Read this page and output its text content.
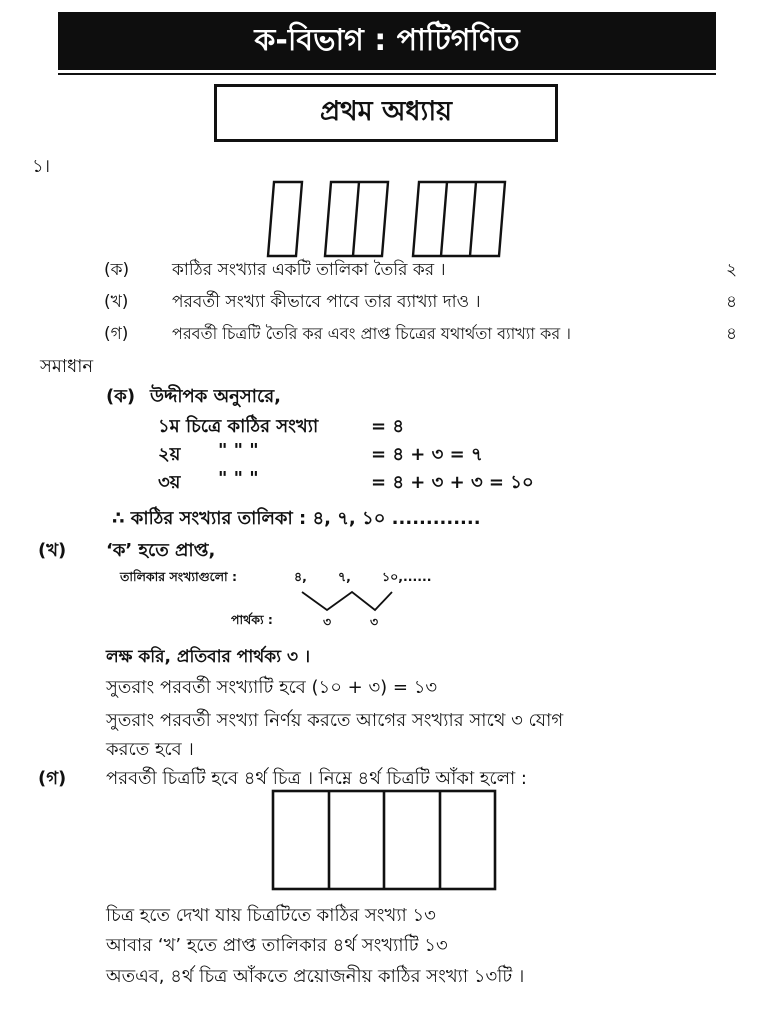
ক-বিভাগ : পাটিগণিত
প্রথম অধ্যায়
১।
(ক)	কাঠির সংখ্যার একটি তালিকা তৈরি কর ।	২
(খ)	পরবর্তী সংখ্যা কীভাবে পাবে তার ব্যাখ্যা দাও ।	৪
(গ)	পরবর্তী চিত্রটি তৈরি কর এবং প্রাপ্ত চিত্রের যথার্থতা ব্যাখ্যা কর ।	৪
সমাধান
(ক) উদ্দীপক অনুসারে,
১ম চিত্রে কাঠির সংখ্যা	= ৪
২য় " " "	= ৪ + ৩ = ৭
৩য় " " "	= ৪ + ৩ + ৩ = ১০
∴ কাঠির সংখ্যার তালিকা : ৪, ৭, ১০ .............
(খ) ‘ক’ হতে প্রাপ্ত,
তালিকার সংখ্যাগুলো :	৪, ৭, ১০,......
পার্থক্য :	৩	৩
লক্ষ করি, প্রতিবার পার্থক্য ৩ ।
সুতরাং পরবর্তী সংখ্যাটি হবে (১০ + ৩) = ১৩
সুতরাং পরবর্তী সংখ্যা নির্ণয় করতে আগের সংখ্যার সাথে ৩ যোগ
করতে হবে ।
(গ) পরবর্তী চিত্রটি হবে ৪র্থ চিত্র । নিম্নে ৪র্থ চিত্রটি আঁকা হলো :
চিত্র হতে দেখা যায় চিত্রটিতে কাঠির সংখ্যা ১৩
আবার ‘খ’ হতে প্রাপ্ত তালিকার ৪র্থ সংখ্যাটি ১৩
অতএব, ৪র্থ চিত্র আঁকতে প্রয়োজনীয় কাঠির সংখ্যা ১৩টি ।
